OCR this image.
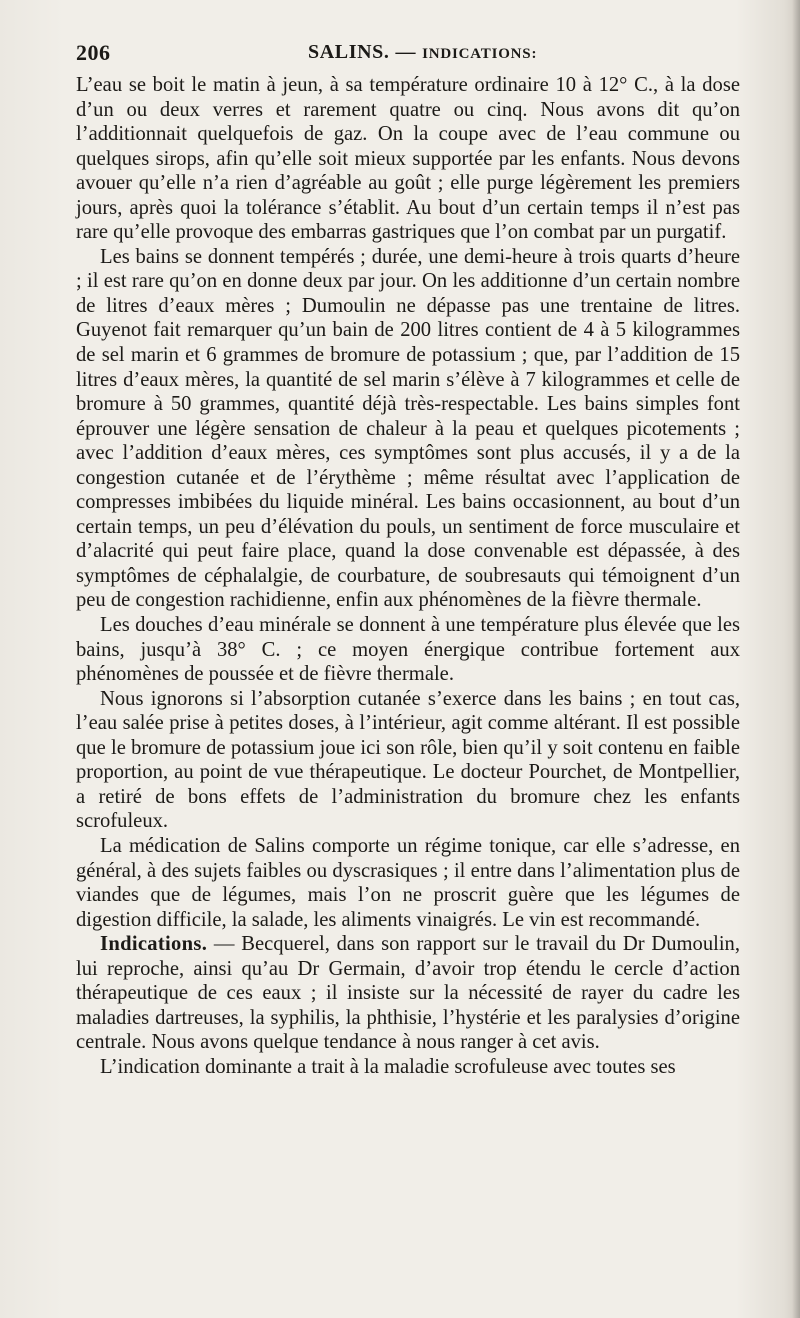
206	SALINS. — INDICATIONS:

L’eau se boit le matin à jeun, à sa température ordinaire 10 à 12° C., à la dose d’un ou deux verres et rarement quatre ou cinq. Nous avons dit qu’on l’additionnait quelquefois de gaz. On la coupe avec de l’eau commune ou quelques sirops, afin qu’elle soit mieux supportée par les enfants. Nous devons avouer qu’elle n’a rien d’agréable au goût ; elle purge légèrement les premiers jours, après quoi la tolérance s’établit. Au bout d’un certain temps il n’est pas rare qu’elle provoque des embarras gastriques que l’on combat par un purgatif.

Les bains se donnent tempérés ; durée, une demi-heure à trois quarts d’heure ; il est rare qu’on en donne deux par jour. On les additionne d’un certain nombre de litres d’eaux mères ; Dumoulin ne dépasse pas une trentaine de litres. Guyenot fait remarquer qu’un bain de 200 litres contient de 4 à 5 kilogrammes de sel marin et 6 grammes de bromure de potassium ; que, par l’addition de 15 litres d’eaux mères, la quantité de sel marin s’élève à 7 kilogrammes et celle de bromure à 50 grammes, quantité déjà très-respectable. Les bains simples font éprouver une légère sensation de chaleur à la peau et quelques picotements ; avec l’addition d’eaux mères, ces symptômes sont plus accusés, il y a de la congestion cutanée et de l’érythème ; même résultat avec l’application de compresses imbibées du liquide minéral. Les bains occasionnent, au bout d’un certain temps, un peu d’élévation du pouls, un sentiment de force musculaire et d’alacrité qui peut faire place, quand la dose convenable est dépassée, à des symptômes de céphalalgie, de courbature, de soubresauts qui témoignent d’un peu de congestion rachidienne, enfin aux phénomènes de la fièvre thermale.

Les douches d’eau minérale se donnent à une température plus élevée que les bains, jusqu’à 38° C. ; ce moyen énergique contribue fortement aux phénomènes de poussée et de fièvre thermale.

Nous ignorons si l’absorption cutanée s’exerce dans les bains ; en tout cas, l’eau salée prise à petites doses, à l’intérieur, agit comme altérant. Il est possible que le bromure de potassium joue ici son rôle, bien qu’il y soit contenu en faible proportion, au point de vue thérapeutique. Le docteur Pourchet, de Montpellier, a retiré de bons effets de l’administration du bromure chez les enfants scrofuleux.

La médication de Salins comporte un régime tonique, car elle s’adresse, en général, à des sujets faibles ou dyscrasiques ; il entre dans l’alimentation plus de viandes que de légumes, mais l’on ne proscrit guère que les légumes de digestion difficile, la salade, les aliments vinaigrés. Le vin est recommandé.

Indications. — Becquerel, dans son rapport sur le travail du Dr Dumoulin, lui reproche, ainsi qu’au Dr Germain, d’avoir trop étendu le cercle d’action thérapeutique de ces eaux ; il insiste sur la nécessité de rayer du cadre les maladies dartreuses, la syphilis, la phthisie, l’hystérie et les paralysies d’origine centrale. Nous avons quelque tendance à nous ranger à cet avis.

L’indication dominante a trait à la maladie scrofuleuse avec toutes ses
